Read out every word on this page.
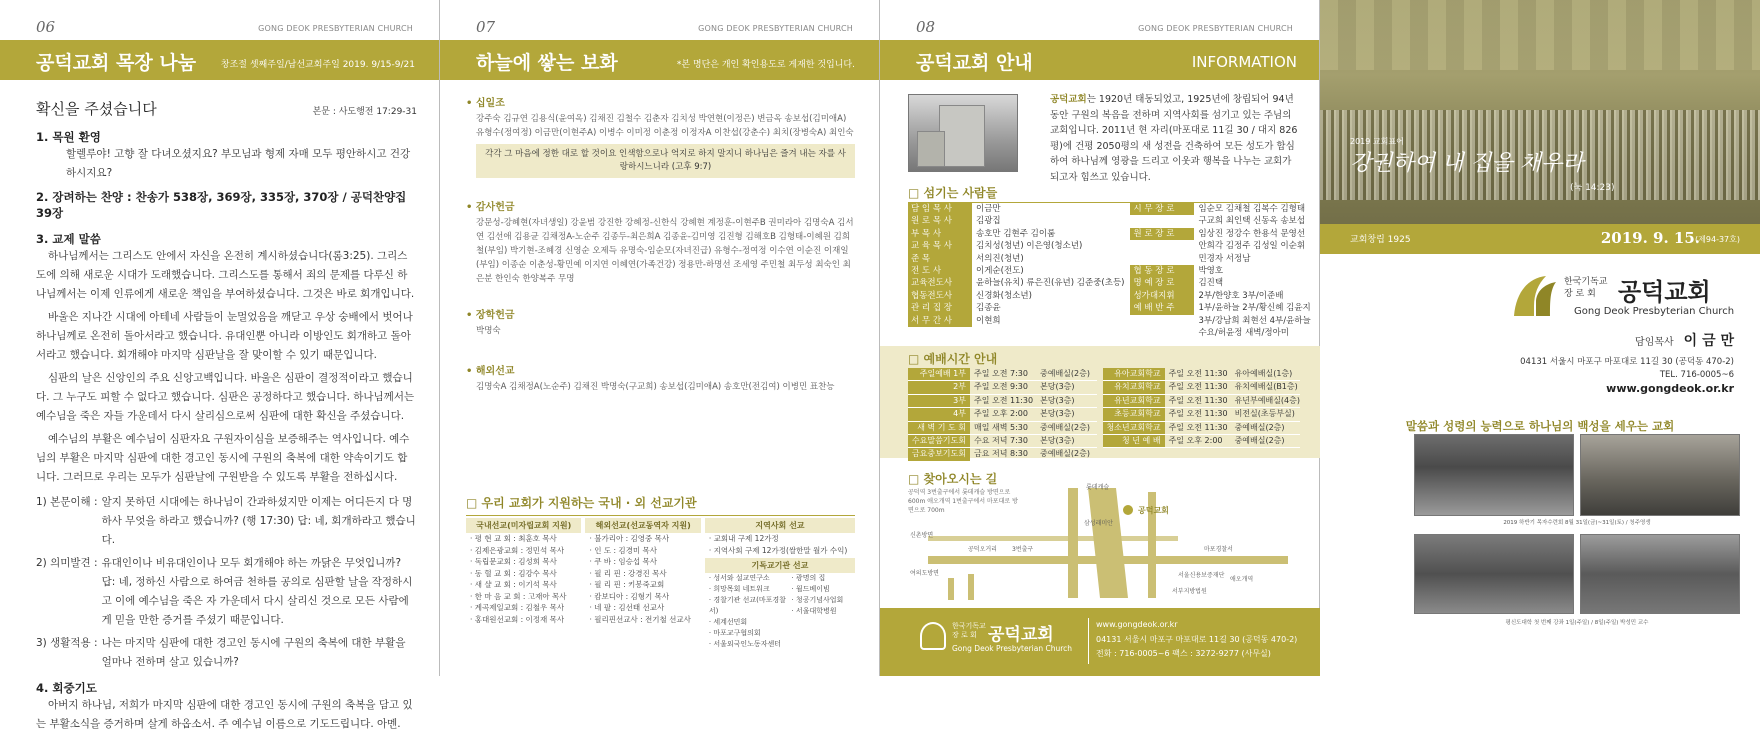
06	GONG DEOK PRESBYTERIAN CHURCH
공덕교회 목장 나눔	창조절 셋째주일/남선교회주일 2019. 9/15-9/21
확신을 주셨습니다	본문 : 사도행전 17:29-31
1. 목원 환영
할렐루야! 고향 잘 다녀오셨지요? 부모님과 형제 자매 모두 평안하시고 건강하시지요?
2. 장려하는 찬양 : 찬송가 538장, 369장, 335장, 370장 / 공덕찬양집 39장
3. 교제 말씀
하나님께서는 그리스도 안에서 자신을 온전히 계시하셨습니다(롬3:25). 그리스도에 의해 새로운 시대가 도래했습니다. 그리스도를 통해서 죄의 문제를 다루신 하나님께서는 이제 인류에게 새로운 책임을 부여하셨습니다. 그것은 바로 회개입니다.
바울은 지나간 시대에 아테네 사람들이 눈멀었음을 깨닫고 우상 숭배에서 벗어나 하나님께로 온전히 돌아서라고 했습니다. 유대인뿐 아니라 이방인도 회개하고 돌아서라고 했습니다. 회개해야 마지막 심판날을 잘 맞이할 수 있기 때문입니다.
심판의 날은 신앙인의 주요 신앙고백입니다. 바울은 심판이 결정적이라고 했습니다. 그 누구도 피할 수 없다고 했습니다. 심판은 공정하다고 했습니다. 하나님께서는 예수님을 죽은 자들 가운데서 다시 살리심으로써 심판에 대한 확신을 주셨습니다.
예수님의 부활은 예수님이 심판자요 구원자이심을 보증해주는 역사입니다. 예수님의 부활은 마지막 심판에 대한 경고인 동시에 구원의 축복에 대한 약속이기도 합니다. 그러므로 우리는 모두가 심판날에 구원받을 수 있도록 부활을 전하십시다.
1) 본문이해 : 알지 못하던 시대에는 하나님이 간과하셨지만 이제는 어디든지 다 명하사 무엇을 하라고 했습니까? (행 17:30) 답: 네, 회개하라고 했습니다.
2) 의미발견 : 유대인이나 비유대인이나 모두 회개해야 하는 까닭은 무엇입니까? 답: 네, 정하신 사람으로 하여금 천하를 공의로 심판할 날을 작정하시고 이에 예수님을 죽은 자 가운데서 다시 살리신 것으로 모든 사람에게 믿을 만한 증거를 주셨기 때문입니다.
3) 생활적용 : 나는 마지막 심판에 대한 경고인 동시에 구원의 축복에 대한 부활을 얼마나 전하며 살고 있습니까?
4. 회중기도
아버지 하나님, 저희가 마지막 심판에 대한 경고인 동시에 구원의 축복을 담고 있는 부활소식을 증거하며 살게 하옵소서. 주 예수님 이름으로 기도드립니다. 아멘.
07	GONG DEOK PRESBYTERIAN CHURCH
하늘에 쌓는 보화	*본 명단은 개인 확인용도로 게재한 것입니다.
• 십일조
강주숙 김규연 김용식(윤여옥) 김채진 김철수 김춘자 김치성 박연현(이정은) 변금옥 송보섭(김미애A) 유형수(정여정) 이금만(이현주A) 이병수 이미정 이춘정 이정자A 이찬섭(강춘수) 최치(장병숙A) 최인숙
각각 그 마음에 정한 대로 할 것이요 인색함으로나 억지로 하지 말지니 하나님은 즐겨 내는 자를 사랑하시느니라 (고후 9:7)
• 감사헌금
강문성-강혜현(자녀생일) 강윤범 강진한 강혜정-신한식 강혜현 계정훈-이현주B 권미라아 김명숙A 김서연 김선애 김용균 김채정A-노순주 김종두-최은희A 김종윤-김미영 김진형 김해호B 김형태-이혜원 김희철(부임) 박기현-조혜경 신영순 오제득 유명숙-임순모(자녀진급) 유형수-정여정 이수연 이순진 이재일(부임) 이종순 이춘성-황민예 이지연 이혜연(가족건강) 정용만-하명선 조세영 주민철 최두성 최숙인 최은분 한인숙 한양복주 무명
• 장학헌금
박명숙
• 해외선교
김명숙A 김채정A(노순주) 김채진 박명숙(구교희) 송보섭(김미애A) 송호만(전김여) 이병민 표찬능
□ 우리 교회가 지원하는 국내 · 외 선교기관
국내선교(미자립교회 지원)
· 평 현 교 회 : 최훈호 목사
· 김제은광교회 : 정민석 목사
· 독립문교회 : 김성희 목사
· 동 혈 교 회 : 김강수 목사
· 새 샬 교 회 : 이기석 목사
· 한 마 음 교 회 : 고재아 목사
· 계곡제일교회 : 김철우 목사
· 홍대원선교회 : 이정재 목사
해외선교(선교동역자 지원)
· 불가리아 : 김영중 목사
· 인 도 : 김경미 목사
· 쿠 바 : 임승섭 목사
· 필 리 핀 : 강경진 목사
· 필 리 핀 : 키봉죽교회
· 캄보디아 : 김형기 목사
· 네 팔 : 김선태 선교사
· 필리핀선교사 : 전기철 선교사
지역사회 선교
· 교회내 구제 12가정
· 지역사회 구제 12가정(쌀한말 월가 수익)
기독교기관 선교
· 성서와 설교연구소
· 희망목회 네트워크
· 경찰기관 선교(마포경찰서)
· 세계선민회
· 마포교구협의회
· 서울외국인노동자센터
· 광명의 집
· 월드베이빔
· 청공기념사업회
· 서울대학병원
08	GONG DEOK PRESBYTERIAN CHURCH
공덕교회 안내	INFORMATION
공덕교회는 1920년 태동되었고, 1925년에 창립되어 94년 동안 구원의 복음을 전하며 지역사회를 섬기고 있는 주님의 교회입니다. 2011년 현 자리(마포대로 11길 30 / 대지 826평)에 건평 2050평의 새 성전을 건축하여 모든 성도가 합심하여 하나님께 영광을 드리고 이웃과 행복을 나누는 교회가 되고자 힘쓰고 있습니다.
□ 섬기는 사람들
담 임 목 사	이금만
원 로 목 사	김광집
부 목 사	송호만 김현주 김이룸
교 육 목 사	김치성(청년) 이은영(청소년)
준 목	서의진(청년)
전 도 사	이게순(전도)
교육전도사	윤하늘(유치) 류은진(유년) 김준중(초등)
협동전도사	신경화(청소년)
관 리 집 장	김종윤
서 무 간 사	이현희
시 무 장 로	임순모 김채철 김복수 김형태
구교희 최인택 신동옥 송보섭
원 로 장 로	임상진 정강수 한용석 문영선
안희각 김정주 김성일 이순휘
민경자 서정남
협 동 장 로	박영호
명 예 장 로	김진택
성가대지휘	2부/한양호 3부/이준배
예 배 반 주	1부/윤하늘 2부/황신혜 김윤지
3부/강남희 최현선 4부/윤하늘
수요/허윤정 새벽/정아미
□ 예배시간 안내
주일예배 1부	주일 오전 7:30	중예배실(2층)
2부	주일 오전 9:30	본당(3층)
3부	주일 오전 11:30 본당(3층)
4부	주일 오후 2:00	본당(3층)
새 벽 기 도 회	매일 새벽 5:30	중예배실(2층)
수요말씀기도회	수요 저녁 7:30	본당(3층)
금요중보기도회	금요 저녁 8:30	중예배실(2층)
유아교회학교	주일 오전 11:30 유아예배실(1층)
유치교회학교	주일 오전 11:30 유치예배실(B1층)
유년교회학교	주일 오전 11:30 유년부예배실(4층)
초등교회학교	주일 오전 11:30 비전실(초등부실)
청소년교회학교	주일 오전 11:30 중예배실(2층)
청 년 예 배	주일 오후 2:00	중예배실(2층)
□ 찾아오시는 길
공덕역 3번출구에서 롯데캐슬 방면으로 600m 애오개역 1번출구에서 마포대로 방면으로 700m
신촌방면
여의도방면
공덕오거리
롯데캐슬
3번출구	마포경찰서
서울신용보증재단
삼성래미안
서부지방법원
애오개역
공덕교회
한국기독교 장 로 회 공덕교회
Gong Deok Presbyterian Church
www.gongdeok.or.kr
04131 서울시 마포구 마포대로 11길 30 (공덕동 470-2)
전화 : 716-0005~6 팩스 : 3272-9277 (사무실)
2019 교회표어
강권하여 내 집을 채우라
(눅 14:23)
교회창립 1925	2019. 9. 15.
(제94-37호)
한국기독교
장 로 회 공덕교회
Gong Deok Presbyterian Church
담임목사 이 금 만
04131 서울시 마포구 마포대로 11길 30 (공덕동 470-2)
TEL. 716-0005~6
www.gongdeok.or.kr
말씀과 성령의 능력으로 하나님의 백성을 세우는 교회
2019 하반기 목자수련회 8월 31일(금)~31일(토) / 청주영생
평신도대학 첫 번째 강좌 1일(주일) / 8일(주일) 박성민 교수
